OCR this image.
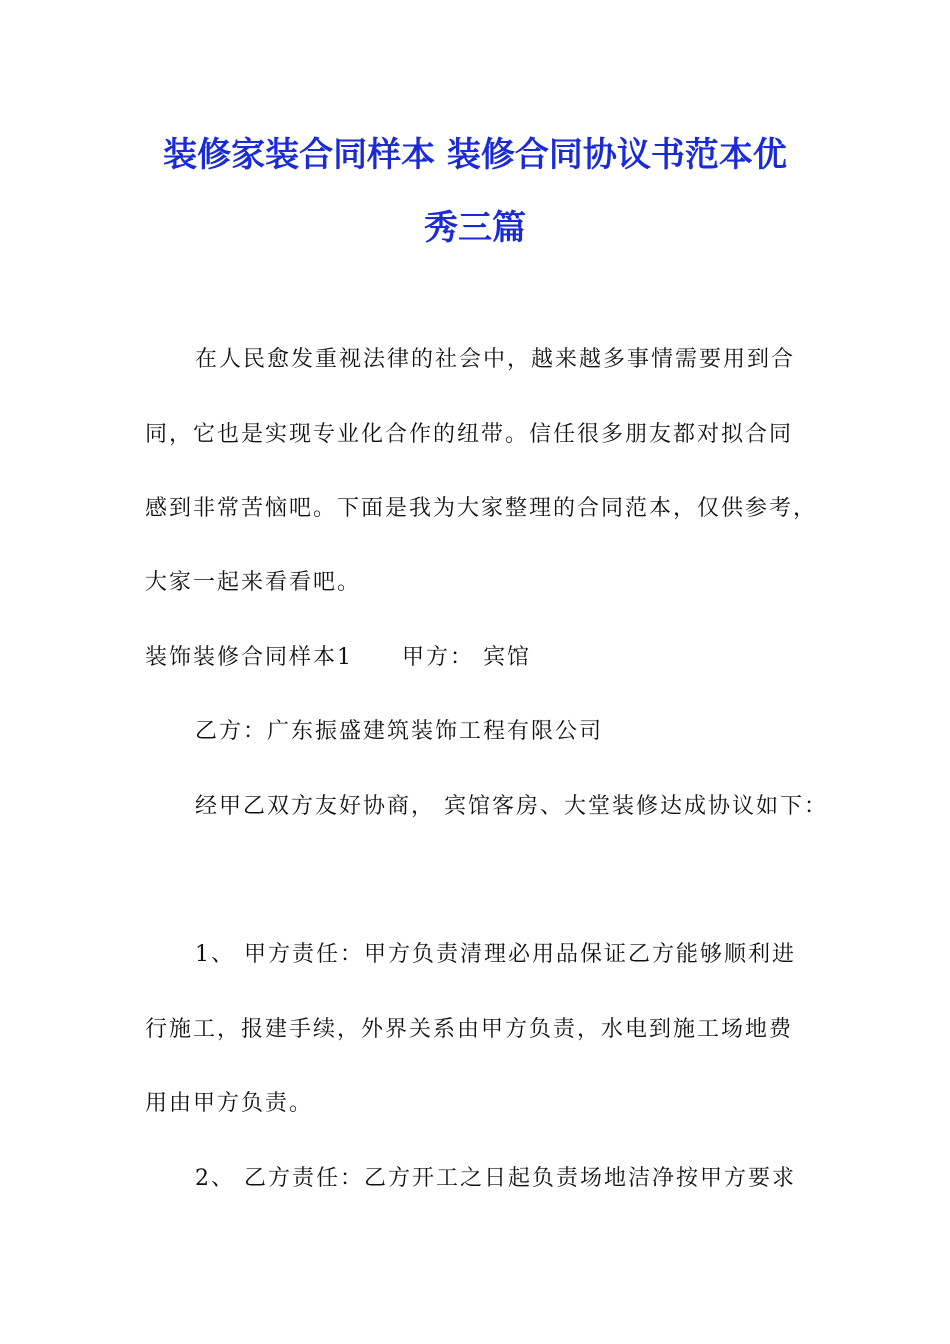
装修家装合同样本 装修合同协议书范本优
秀三篇

在人民愈发重视法律的社会中，越来越多事情需要用到合

同，它也是实现专业化合作的纽带。信任很多朋友都对拟合同

感到非常苦恼吧。下面是我为大家整理的合同范本，仅供参考，

大家一起来看看吧。

装饰装修合同样本1 甲方： 宾馆

乙方：广东振盛建筑装饰工程有限公司

经甲乙双方友好协商， 宾馆客房、大堂装修达成协议如下：

1、 甲方责任：甲方负责清理必用品保证乙方能够顺利进

行施工，报建手续，外界关系由甲方负责，水电到施工场地费

用由甲方负责。

2、 乙方责任：乙方开工之日起负责场地洁净按甲方要求
